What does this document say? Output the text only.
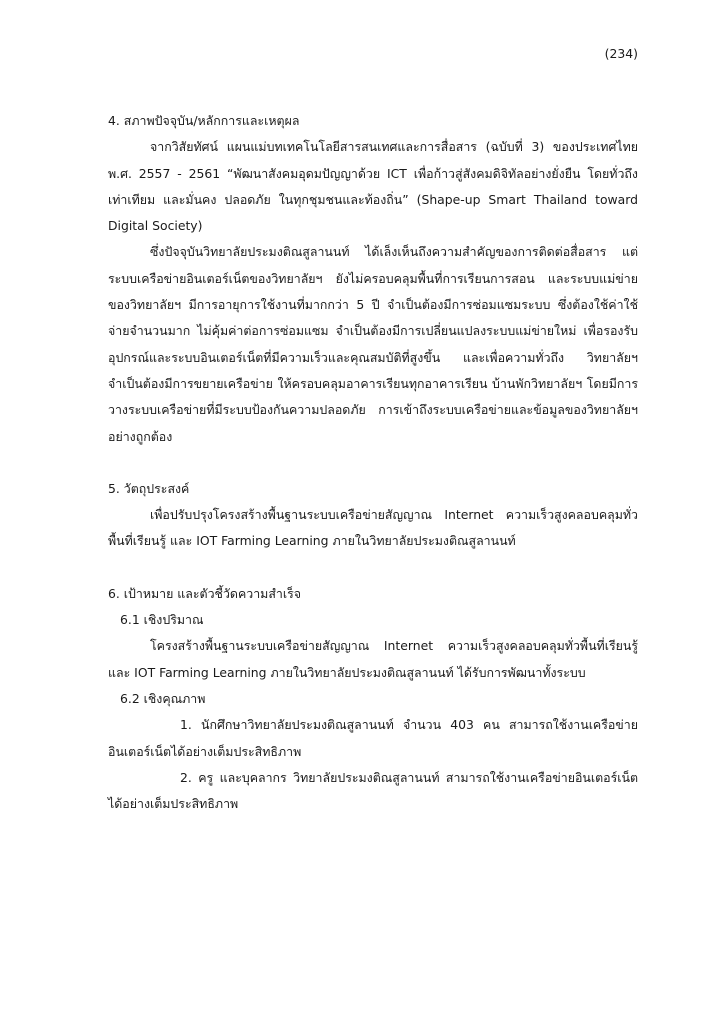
(234)
4. สภาพปัจจุบัน/หลักการและเหตุผล

จากวิสัยทัศน์ แผนแม่บทเทคโนโลยีสารสนเทศและการสื่อสาร (ฉบับที่ 3) ของประเทศไทย พ.ศ. 2557 - 2561 “พัฒนาสังคมอุดมปัญญาด้วย ICT เพื่อก้าวสู่สังคมดิจิทัลอย่างยั่งยืน โดยทั่วถึง เท่าเทียม และมั่นคง ปลอดภัย ในทุกชุมชนและท้องถิ่น” (Shape-up Smart Thailand toward Digital Society)

ซึ่งปัจจุบันวิทยาลัยประมงติณสูลานนท์ ได้เล็งเห็นถึงความสำคัญของการติดต่อสื่อสาร แต่ระบบเครือข่ายอินเตอร์เน็ตของวิทยาลัยฯ ยังไม่ครอบคลุมพื้นที่การเรียนการสอน และระบบแม่ข่ายของวิทยาลัยฯ มีการอายุการใช้งานที่มากกว่า 5 ปี จำเป็นต้องมีการซ่อมแซมระบบ ซึ่งต้องใช้ค่าใช้จ่ายจำนวนมาก ไม่คุ้มค่าต่อการซ่อมแซม จำเป็นต้องมีการเปลี่ยนแปลงระบบแม่ข่ายใหม่ เพื่อรองรับอุปกรณ์และระบบอินเตอร์เน็ตที่มีความเร็วและคุณสมบัติที่สูงขึ้น และเพื่อความทั่วถึง วิทยาลัยฯ จำเป็นต้องมีการขยายเครือข่าย ให้ครอบคลุมอาคารเรียนทุกอาคารเรียน บ้านพักวิทยาลัยฯ โดยมีการวางระบบเครือข่ายที่มีระบบป้องกันความปลอดภัย การเข้าถึงระบบเครือข่ายและข้อมูลของวิทยาลัยฯ อย่างถูกต้อง

5. วัตถุประสงค์

เพื่อปรับปรุงโครงสร้างพื้นฐานระบบเครือข่ายสัญญาณ Internet ความเร็วสูงคลอบคลุมทั่วพื้นที่เรียนรู้ และ IOT Farming Learning ภายในวิทยาลัยประมงติณสูลานนท์

6. เป้าหมาย และตัวชี้วัดความสำเร็จ
6.1 เชิงปริมาณ

โครงสร้างพื้นฐานระบบเครือข่ายสัญญาณ Internet ความเร็วสูงคลอบคลุมทั่วพื้นที่เรียนรู้ และ IOT Farming Learning ภายในวิทยาลัยประมงติณสูลานนท์ ได้รับการพัฒนาทั้งระบบ

6.2 เชิงคุณภาพ

1. นักศึกษาวิทยาลัยประมงติณสูลานนท์ จำนวน 403 คน สามารถใช้งานเครือข่ายอินเตอร์เน็ตได้อย่างเต็มประสิทธิภาพ

2. ครู และบุคลากร วิทยาลัยประมงติณสูลานนท์ สามารถใช้งานเครือข่ายอินเตอร์เน็ตได้อย่างเต็มประสิทธิภาพ
